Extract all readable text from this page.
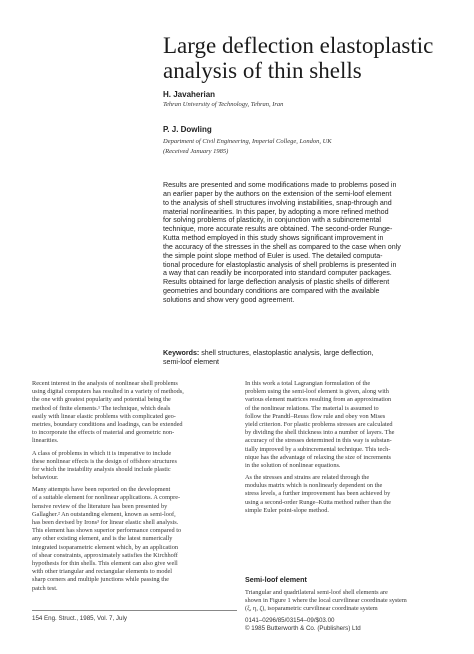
Large deflection elastoplastic
analysis of thin shells
H. Javaherian
Tehran University of Technology, Tehran, Iran
P. J. Dowling
Department of Civil Engineering, Imperial College, London, UK
(Received January 1985)
Results are presented and some modifications made to problems posed in
an earlier paper by the authors on the extension of the semi-loof element
to the analysis of shell structures involving instabilities, snap-through and
material nonlinearities. In this paper, by adopting a more refined method
for solving problems of plasticity, in conjunction with a subincremental
technique, more accurate results are obtained. The second-order Runge-
Kutta method employed in this study shows significant improvement in
the accuracy of the stresses in the shell as compared to the case when only
the simple point slope method of Euler is used. The detailed computa-
tional procedure for elastoplastic analysis of shell problems is presented in
a way that can readily be incorporated into standard computer packages.
Results obtained for large deflection analysis of plastic shells of different
geometries and boundary conditions are compared with the available
solutions and show very good agreement.
Keywords: shell structures, elastoplastic analysis, large deflection,
semi-loof element
Recent interest in the analysis of nonlinear shell problems
using digital computers has resulted in a variety of methods,
the one with greatest popularity and potential being the
method of finite elements.¹ The technique, which deals
easily with linear elastic problems with complicated geo-
metries, boundary conditions and loadings, can be extended
to incorporate the effects of material and geometric non-
linearities.
A class of problems in which it is imperative to include
these nonlinear effects is the design of offshore structures
for which the instability analysis should include plastic
behaviour.
Many attempts have been reported on the development
of a suitable element for nonlinear applications. A compre-
hensive review of the literature has been presented by
Gallagher.² An outstanding element, known as semi-loof,
has been devised by Irons³ for linear elastic shell analysis.
This element has shown superior performance compared to
any other existing element, and is the latest numerically
integrated isoparametric element which, by an application
of shear constraints, approximately satisfies the Kirchhoff
hypothesis for thin shells. This element can also give well
with other triangular and rectangular elements to model
sharp corners and multiple junctions while passing the
patch test.
In this work a total Lagrangian formulation of the
problem using the semi-loof element is given, along with
various element matrices resulting from an approximation
of the nonlinear relations. The material is assumed to
follow the Prandtl–Reuss flow rule and obey von Mises
yield criterion. For plastic problems stresses are calculated
by dividing the shell thickness into a number of layers. The
accuracy of the stresses determined in this way is substan-
tially improved by a subincremental technique. This tech-
nique has the advantage of relaxing the size of increments
in the solution of nonlinear equations.
As the stresses and strains are related through the
modulus matrix which is nonlinearly dependent on the
stress levels, a further improvement has been achieved by
using a second-order Runge–Kutta method rather than the
simple Euler point-slope method.
Semi-loof element
Triangular and quadrilateral semi-loof shell elements are
shown in Figure 1 where the local curvilinear coordinate system
(ξ, η, ζ), isoparametric curvilinear coordinate system
154 Eng. Struct., 1985, Vol. 7, July	0141–0296/85/03154–09/$03.00
© 1985 Butterworth & Co. (Publishers) Ltd
